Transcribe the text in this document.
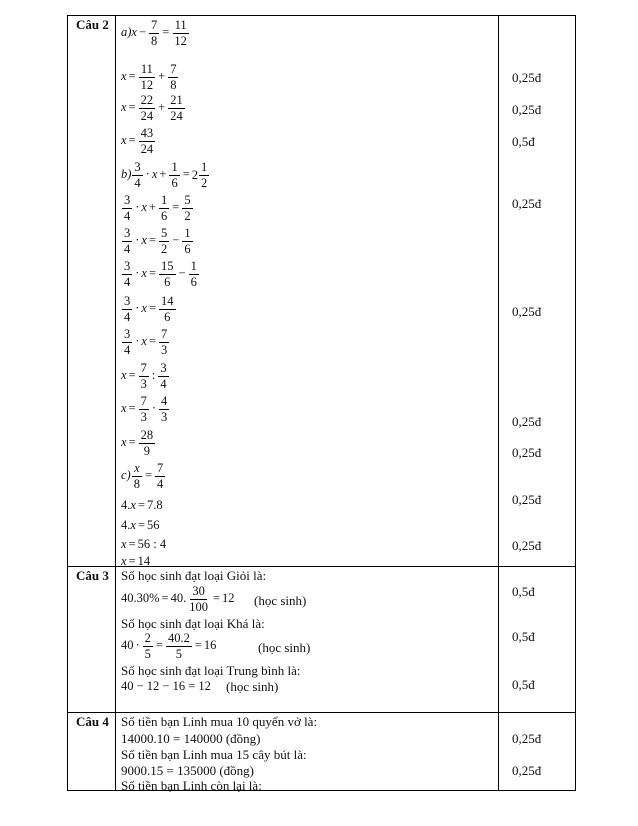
Câu 2
Câu 3
Câu 4
$a)x - \frac{7}{8} = \frac{11}{12}$
$x = \frac{11}{12} + \frac{7}{8}$
$x = \frac{22}{24} + \frac{21}{24}$
$x = \frac{43}{24}$
$b) \frac{3}{4} \cdot x + \frac{1}{6} = 2 \frac{1}{2}$
$\frac{3}{4} \cdot x + \frac{1}{6} = \frac{5}{2}$
$\frac{3}{4} \cdot x = \frac{5}{2} - \frac{1}{6}$
$\frac{3}{4} \cdot x = \frac{15}{6} - \frac{1}{6}$
$\frac{3}{4} \cdot x = \frac{14}{6}$
$\frac{3}{4} \cdot x = \frac{7}{3}$
$x = \frac{7}{3}$ : $\frac{3}{4}$
$x = \frac{7}{3} \cdot \frac{4}{3}$
$x = \frac{28}{9}$
$c) \frac{x}{8} = \frac{7}{4}$
4.x = 7.8
4.x = 56
x = 56 : 4
x = 14
0,25đ
0,25đ
0,5đ
0,25đ
0,25đ
0,25đ
0,25đ
0,25đ
0,25đ
Số học sinh đạt loại Giỏi là:
40.30% = 40. $\frac{30}{100} = 12$ (học sinh)
Số học sinh đạt loại Khá là:
$40 \cdot \frac{2}{5} = \frac{40.2}{5} = 16$	(học sinh)
Số học sinh đạt loại Trung bình là:
40 − 12 − 16 = 12 (học sinh)
0,5đ
0,5đ
0,5đ
Số tiền bạn Linh mua 10 quyển vở là:
14000.10 = 140000 (đồng)
Số tiền bạn Linh mua 15 cây bút là:
9000.15 = 135000 (đồng)
Số tiền bạn Linh còn lại là:
0,25đ
0,25đ
